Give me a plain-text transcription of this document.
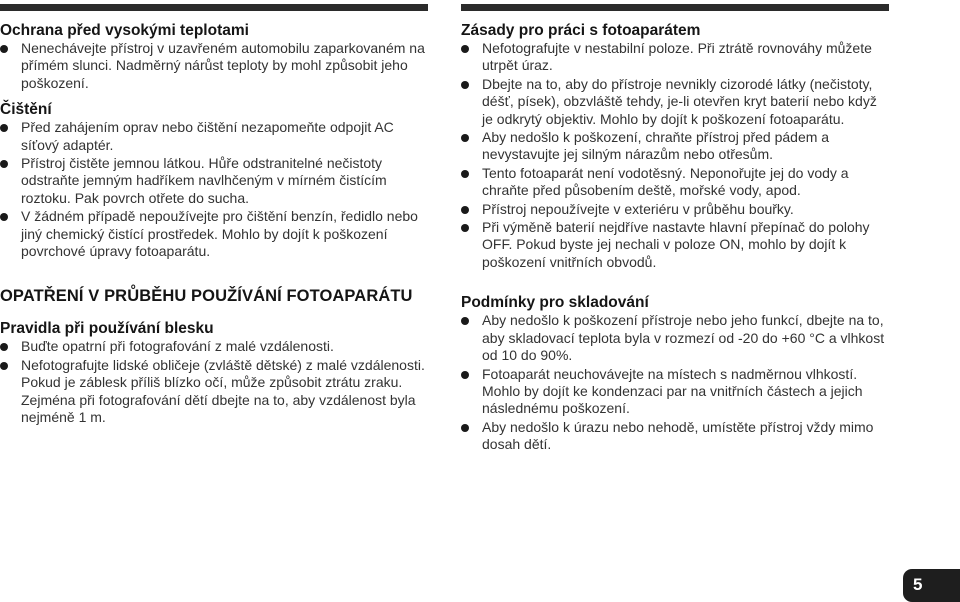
Ochrana před vysokými teplotami
Nenechávejte přístroj v uzavřeném automobilu zaparkovaném na přímém slunci. Nadměrný nárůst teploty by mohl způsobit jeho poškození.
Čištění
Před zahájením oprav nebo čištění nezapomeňte odpojit AC síťový adaptér.
Přístroj čistěte jemnou látkou. Hůře odstranitelné nečistoty odstraňte jemným hadříkem navlhčeným v mírném čistícím roztoku. Pak povrch otřete do sucha.
V žádném případě nepoužívejte pro čištění benzín, ředidlo nebo jiný chemický čistící prostředek. Mohlo by dojít k poškození povrchové úpravy fotoaparátu.
OPATŘENÍ V PRŮBĚHU POUŽÍVÁNÍ FOTOAPARÁTU
Pravidla při používání blesku
Buďte opatrní při fotografování z malé vzdálenosti.
Nefotografujte lidské obličeje (zvláště dětské) z malé vzdálenosti. Pokud je záblesk příliš blízko očí, může způsobit ztrátu zraku. Zejména při fotografování dětí dbejte na to, aby vzdálenost byla nejméně 1 m.
Zásady pro práci s fotoaparátem
Nefotografujte v nestabilní poloze. Při ztrátě rovnováhy můžete utrpět úraz.
Dbejte na to, aby do přístroje nevnikly cizorodé látky (nečistoty, déšť, písek), obzvláště tehdy, je-li otevřen kryt baterií nebo když je odkrytý objektiv. Mohlo by dojít k poškození fotoaparátu.
Aby nedošlo k poškození, chraňte přístroj před pádem a nevystavujte jej silným nárazům nebo otřesům.
Tento fotoaparát není vodotěsný. Neponořujte jej do vody a chraňte před působením deště, mořské vody, apod.
Přístroj nepoužívejte v exteriéru v průběhu bouřky.
Při výměně baterií nejdříve nastavte hlavní přepínač do polohy OFF. Pokud byste jej nechali v poloze ON, mohlo by dojít k poškození vnitřních obvodů.
Podmínky pro skladování
Aby nedošlo k poškození přístroje nebo jeho funkcí, dbejte na to, aby skladovací teplota byla v rozmezí od -20 do +60 °C a vlhkost od 10 do 90%.
Fotoaparát neuchovávejte na místech s nadměrnou vlhkostí. Mohlo by dojít ke kondenzaci par na vnitřních částech a jejich následnému poškození.
Aby nedošlo k úrazu nebo nehodě, umístěte přístroj vždy mimo dosah dětí.
5
